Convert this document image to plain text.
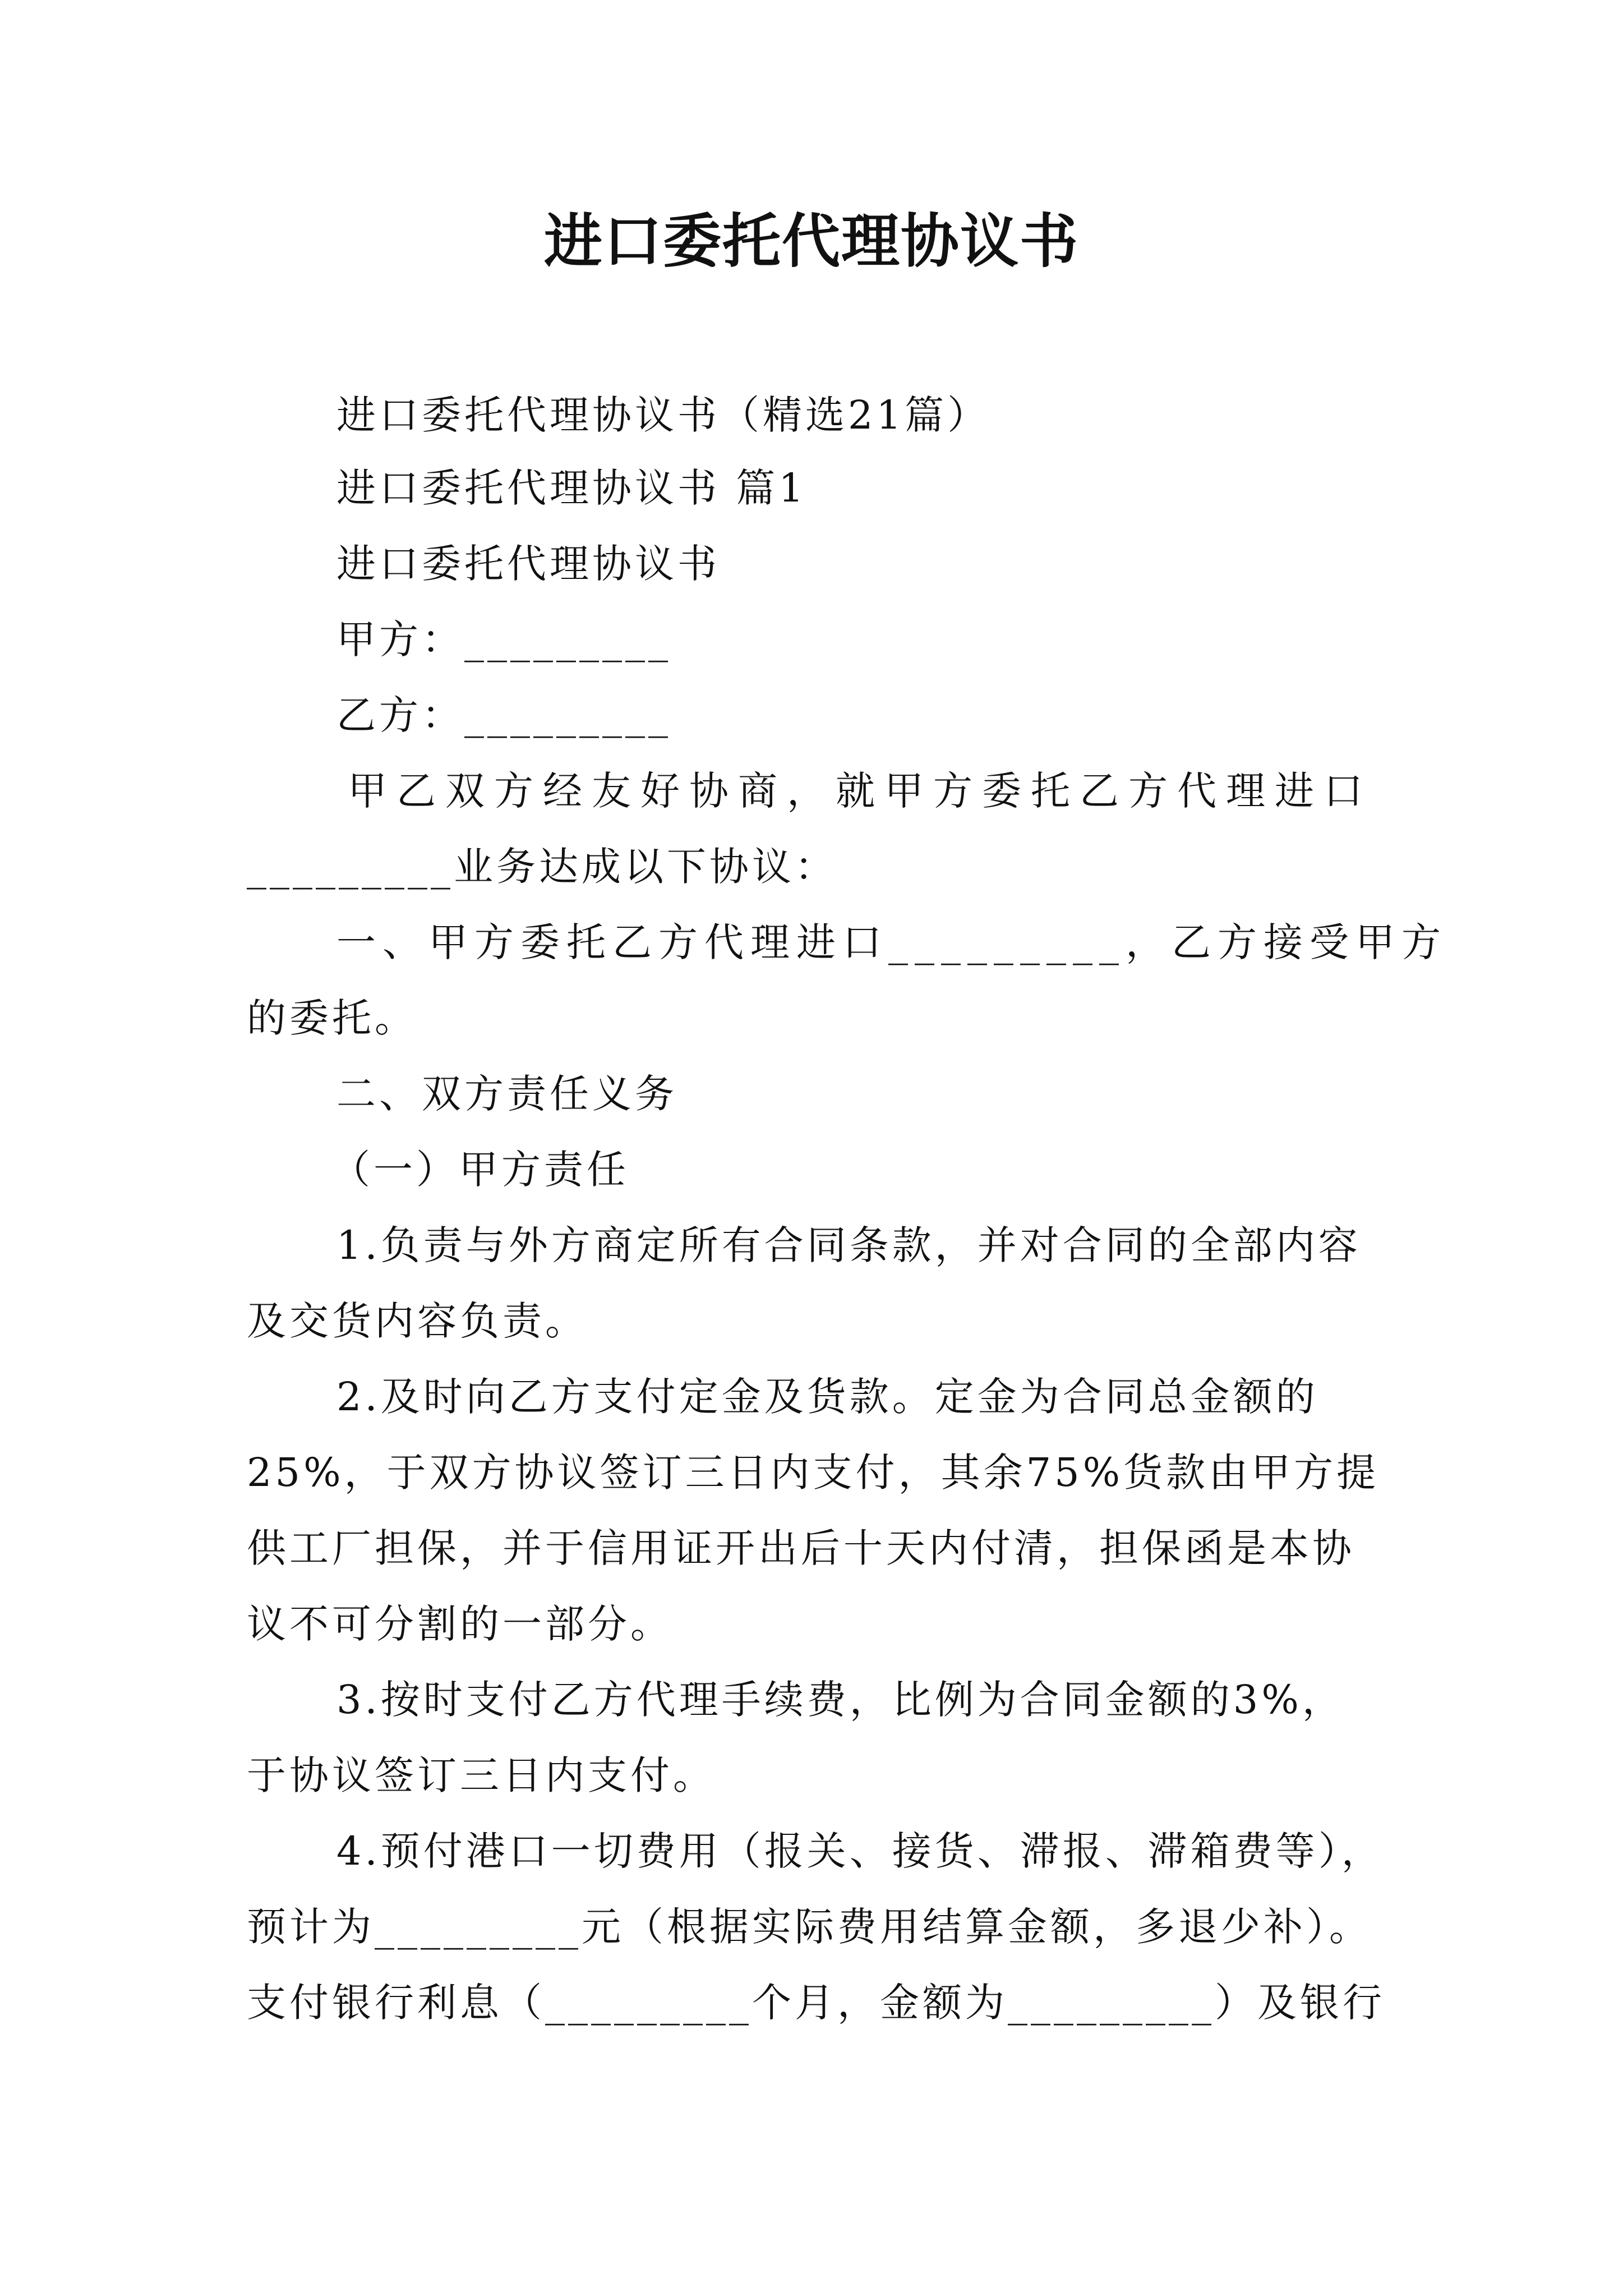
进口委托代理协议书
进口委托代理协议书（精选21篇）
进口委托代理协议书 篇1
进口委托代理协议书
甲方：_________
乙方：_________
甲乙双方经友好协商，就甲方委托乙方代理进口
_________业务达成以下协议：
一、甲方委托乙方代理进口_________，乙方接受甲方
的委托。
二、双方责任义务
（一）甲方责任
1.负责与外方商定所有合同条款，并对合同的全部内容
及交货内容负责。
2.及时向乙方支付定金及货款。定金为合同总金额的
25%，于双方协议签订三日内支付，其余75%货款由甲方提
供工厂担保，并于信用证开出后十天内付清，担保函是本协
议不可分割的一部分。
3.按时支付乙方代理手续费，比例为合同金额的3%，
于协议签订三日内支付。
4.预付港口一切费用（报关、接货、滞报、滞箱费等），
预计为_________元（根据实际费用结算金额，多退少补）。
支付银行利息（_________个月，金额为_________）及银行
